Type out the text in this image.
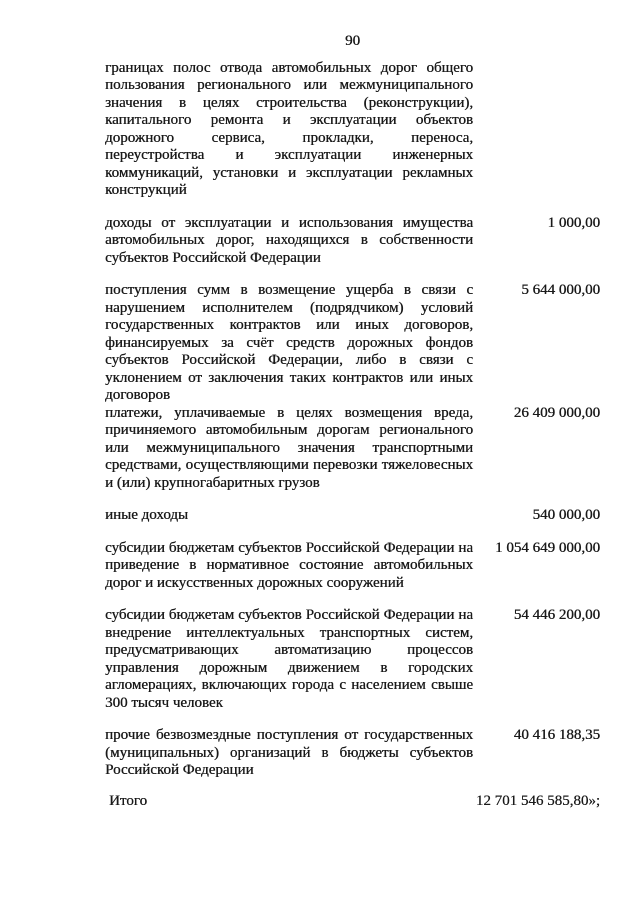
90
границах полос отвода автомобильных дорог общего пользования регионального или межмуниципального значения в целях строительства (реконструкции), капитального ремонта и эксплуатации объектов дорожного сервиса, прокладки, переноса, переустройства и эксплуатации инженерных коммуникаций, установки и эксплуатации рекламных конструкций
доходы от эксплуатации и использования имущества автомобильных дорог, находящихся в собственности субъектов Российской Федерации
1 000,00
поступления сумм в возмещение ущерба в связи с нарушением исполнителем (подрядчиком) условий государственных контрактов или иных договоров, финансируемых за счёт средств дорожных фондов субъектов Российской Федерации, либо в связи с уклонением от заключения таких контрактов или иных договоров
5 644 000,00
платежи, уплачиваемые в целях возмещения вреда, причиняемого автомобильным дорогам регионального или межмуниципального значения транспортными средствами, осуществляющими перевозки тяжеловесных и (или) крупногабаритных грузов
26 409 000,00
иные доходы	540 000,00
субсидии бюджетам субъектов Российской Федерации на приведение в нормативное состояние автомобильных дорог и искусственных дорожных сооружений
1 054 649 000,00
субсидии бюджетам субъектов Российской Федерации на внедрение интеллектуальных транспортных систем, предусматривающих автоматизацию процессов управления дорожным движением в городских агломерациях, включающих города с населением свыше 300 тысяч человек
54 446 200,00
прочие безвозмездные поступления от государственных (муниципальных) организаций в бюджеты субъектов Российской Федерации
40 416 188,35
Итого	12 701 546 585,80»;
